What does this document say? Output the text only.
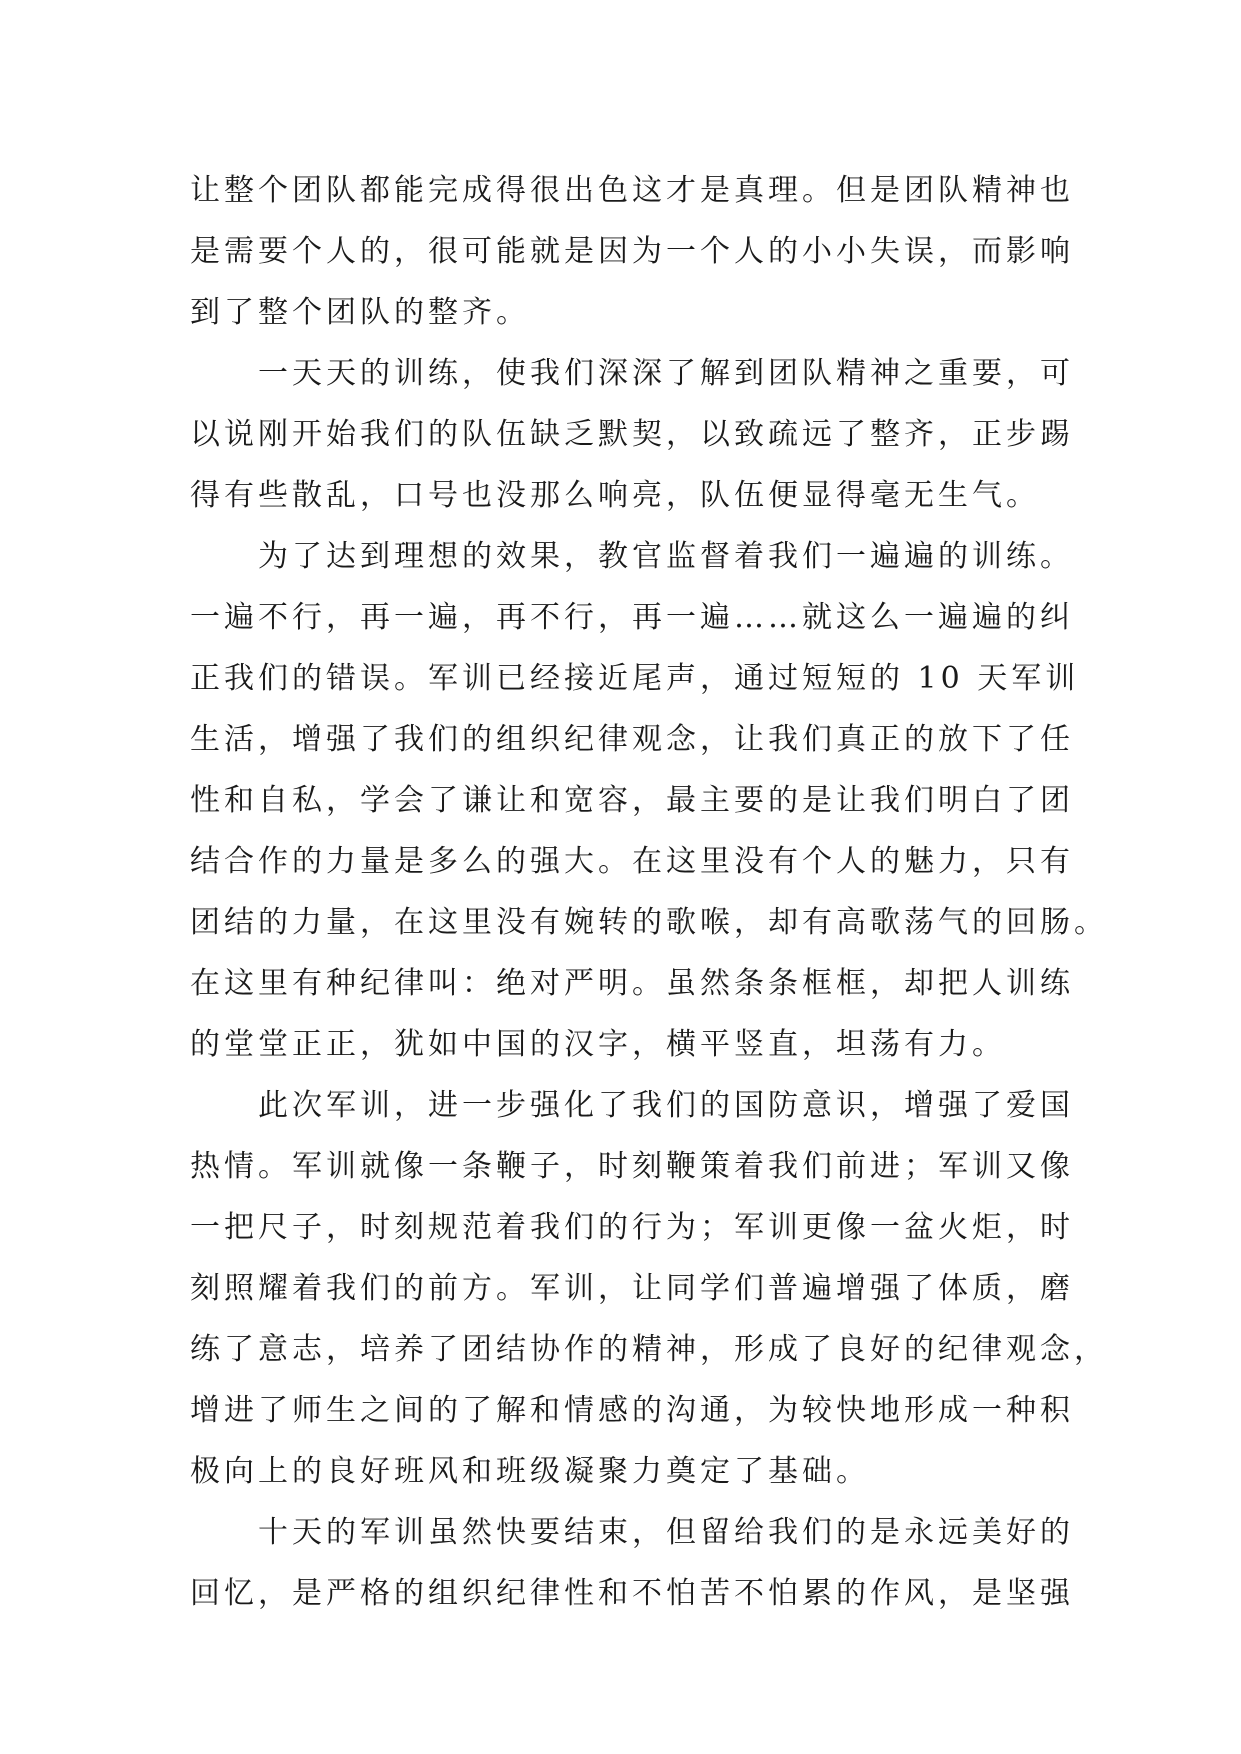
让整个团队都能完成得很出色这才是真理。但是团队精神也
是需要个人的，很可能就是因为一个人的小小失误，而影响
到了整个团队的整齐。
一天天的训练，使我们深深了解到团队精神之重要，可
以说刚开始我们的队伍缺乏默契，以致疏远了整齐，正步踢
得有些散乱，口号也没那么响亮，队伍便显得毫无生气。
为了达到理想的效果，教官监督着我们一遍遍的训练。
一遍不行，再一遍，再不行，再一遍……就这么一遍遍的纠
正我们的错误。军训已经接近尾声，通过短短的 10 天军训
生活，增强了我们的组织纪律观念，让我们真正的放下了任
性和自私，学会了谦让和宽容，最主要的是让我们明白了团
结合作的力量是多么的强大。在这里没有个人的魅力，只有
团结的力量，在这里没有婉转的歌喉，却有高歌荡气的回肠。
在这里有种纪律叫：绝对严明。虽然条条框框，却把人训练
的堂堂正正，犹如中国的汉字，横平竖直，坦荡有力。
此次军训，进一步强化了我们的国防意识，增强了爱国
热情。军训就像一条鞭子，时刻鞭策着我们前进；军训又像
一把尺子，时刻规范着我们的行为；军训更像一盆火炬，时
刻照耀着我们的前方。军训，让同学们普遍增强了体质，磨
练了意志，培养了团结协作的精神，形成了良好的纪律观念，
增进了师生之间的了解和情感的沟通，为较快地形成一种积
极向上的良好班风和班级凝聚力奠定了基础。
十天的军训虽然快要结束，但留给我们的是永远美好的
回忆，是严格的组织纪律性和不怕苦不怕累的作风，是坚强
